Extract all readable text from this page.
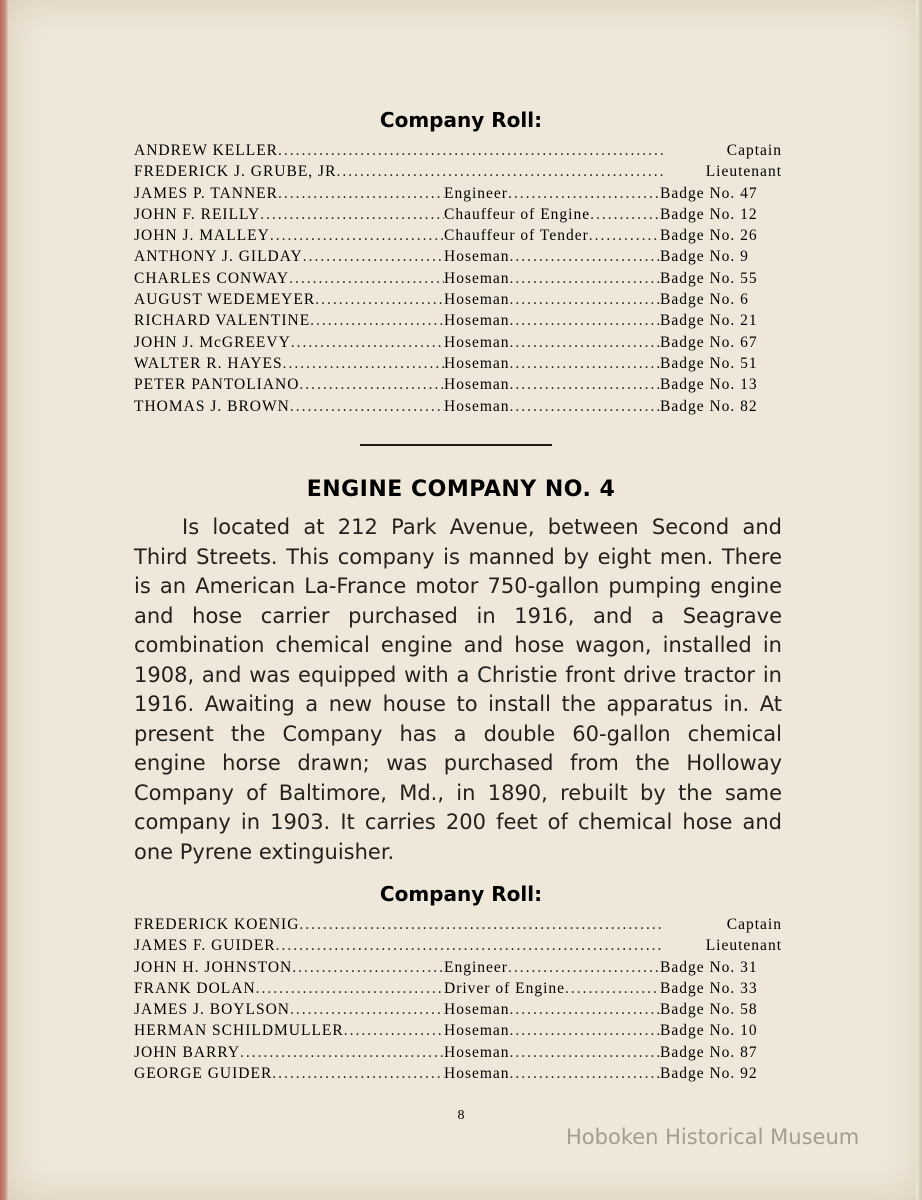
Company Roll:
ANDREW KELLER .....	Captain
FREDERICK J. GRUBE, JR .....	Lieutenant
JAMES P. TANNER .....	Engineer .....	Badge No. 47
JOHN F. REILLY .....	Chauffeur of Engine .....	Badge No. 12
JOHN J. MALLEY .....	Chauffeur of Tender .....	Badge No. 26
ANTHONY J. GILDAY .....	Hoseman .....	Badge No. 9
CHARLES CONWAY .....	Hoseman .....	Badge No. 55
AUGUST WEDEMEYER .....	Hoseman .....	Badge No. 6
RICHARD VALENTINE .....	Hoseman .....	Badge No. 21
JOHN J. McGREEVY .....	Hoseman .....	Badge No. 67
WALTER R. HAYES .....	Hoseman .....	Badge No. 51
PETER PANTOLIANO .....	Hoseman .....	Badge No. 13
THOMAS J. BROWN .....	Hoseman .....	Badge No. 82
ENGINE COMPANY NO. 4

Is located at 212 Park Avenue, between Second and Third Streets. This company is manned by eight men. There is an American La-France motor 750-gallon pumping engine and hose carrier purchased in 1916, and a Seagrave combination chemical engine and hose wagon, installed in 1908, and was equipped with a Christie front drive tractor in 1916. Awaiting a new house to install the apparatus in. At present the Company has a double 60-gallon chemical engine horse drawn; was purchased from the Holloway Company of Baltimore, Md., in 1890, rebuilt by the same company in 1903. It carries 200 feet of chemical hose and one Pyrene extinguisher.

Company Roll:
FREDERICK KOENIG .....	Captain
JAMES F. GUIDER .....	Lieutenant
JOHN H. JOHNSTON .....	Engineer .....	Badge No. 31
FRANK DOLAN .....	Driver of Engine .....	Badge No. 33
JAMES J. BOYLSON .....	Hoseman .....	Badge No. 58
HERMAN SCHILDMULLER .....	Hoseman .....	Badge No. 10
JOHN BARRY .....	Hoseman .....	Badge No. 87
GEORGE GUIDER .....	Hoseman .....	Badge No. 92
8
Hoboken Historical Museum
